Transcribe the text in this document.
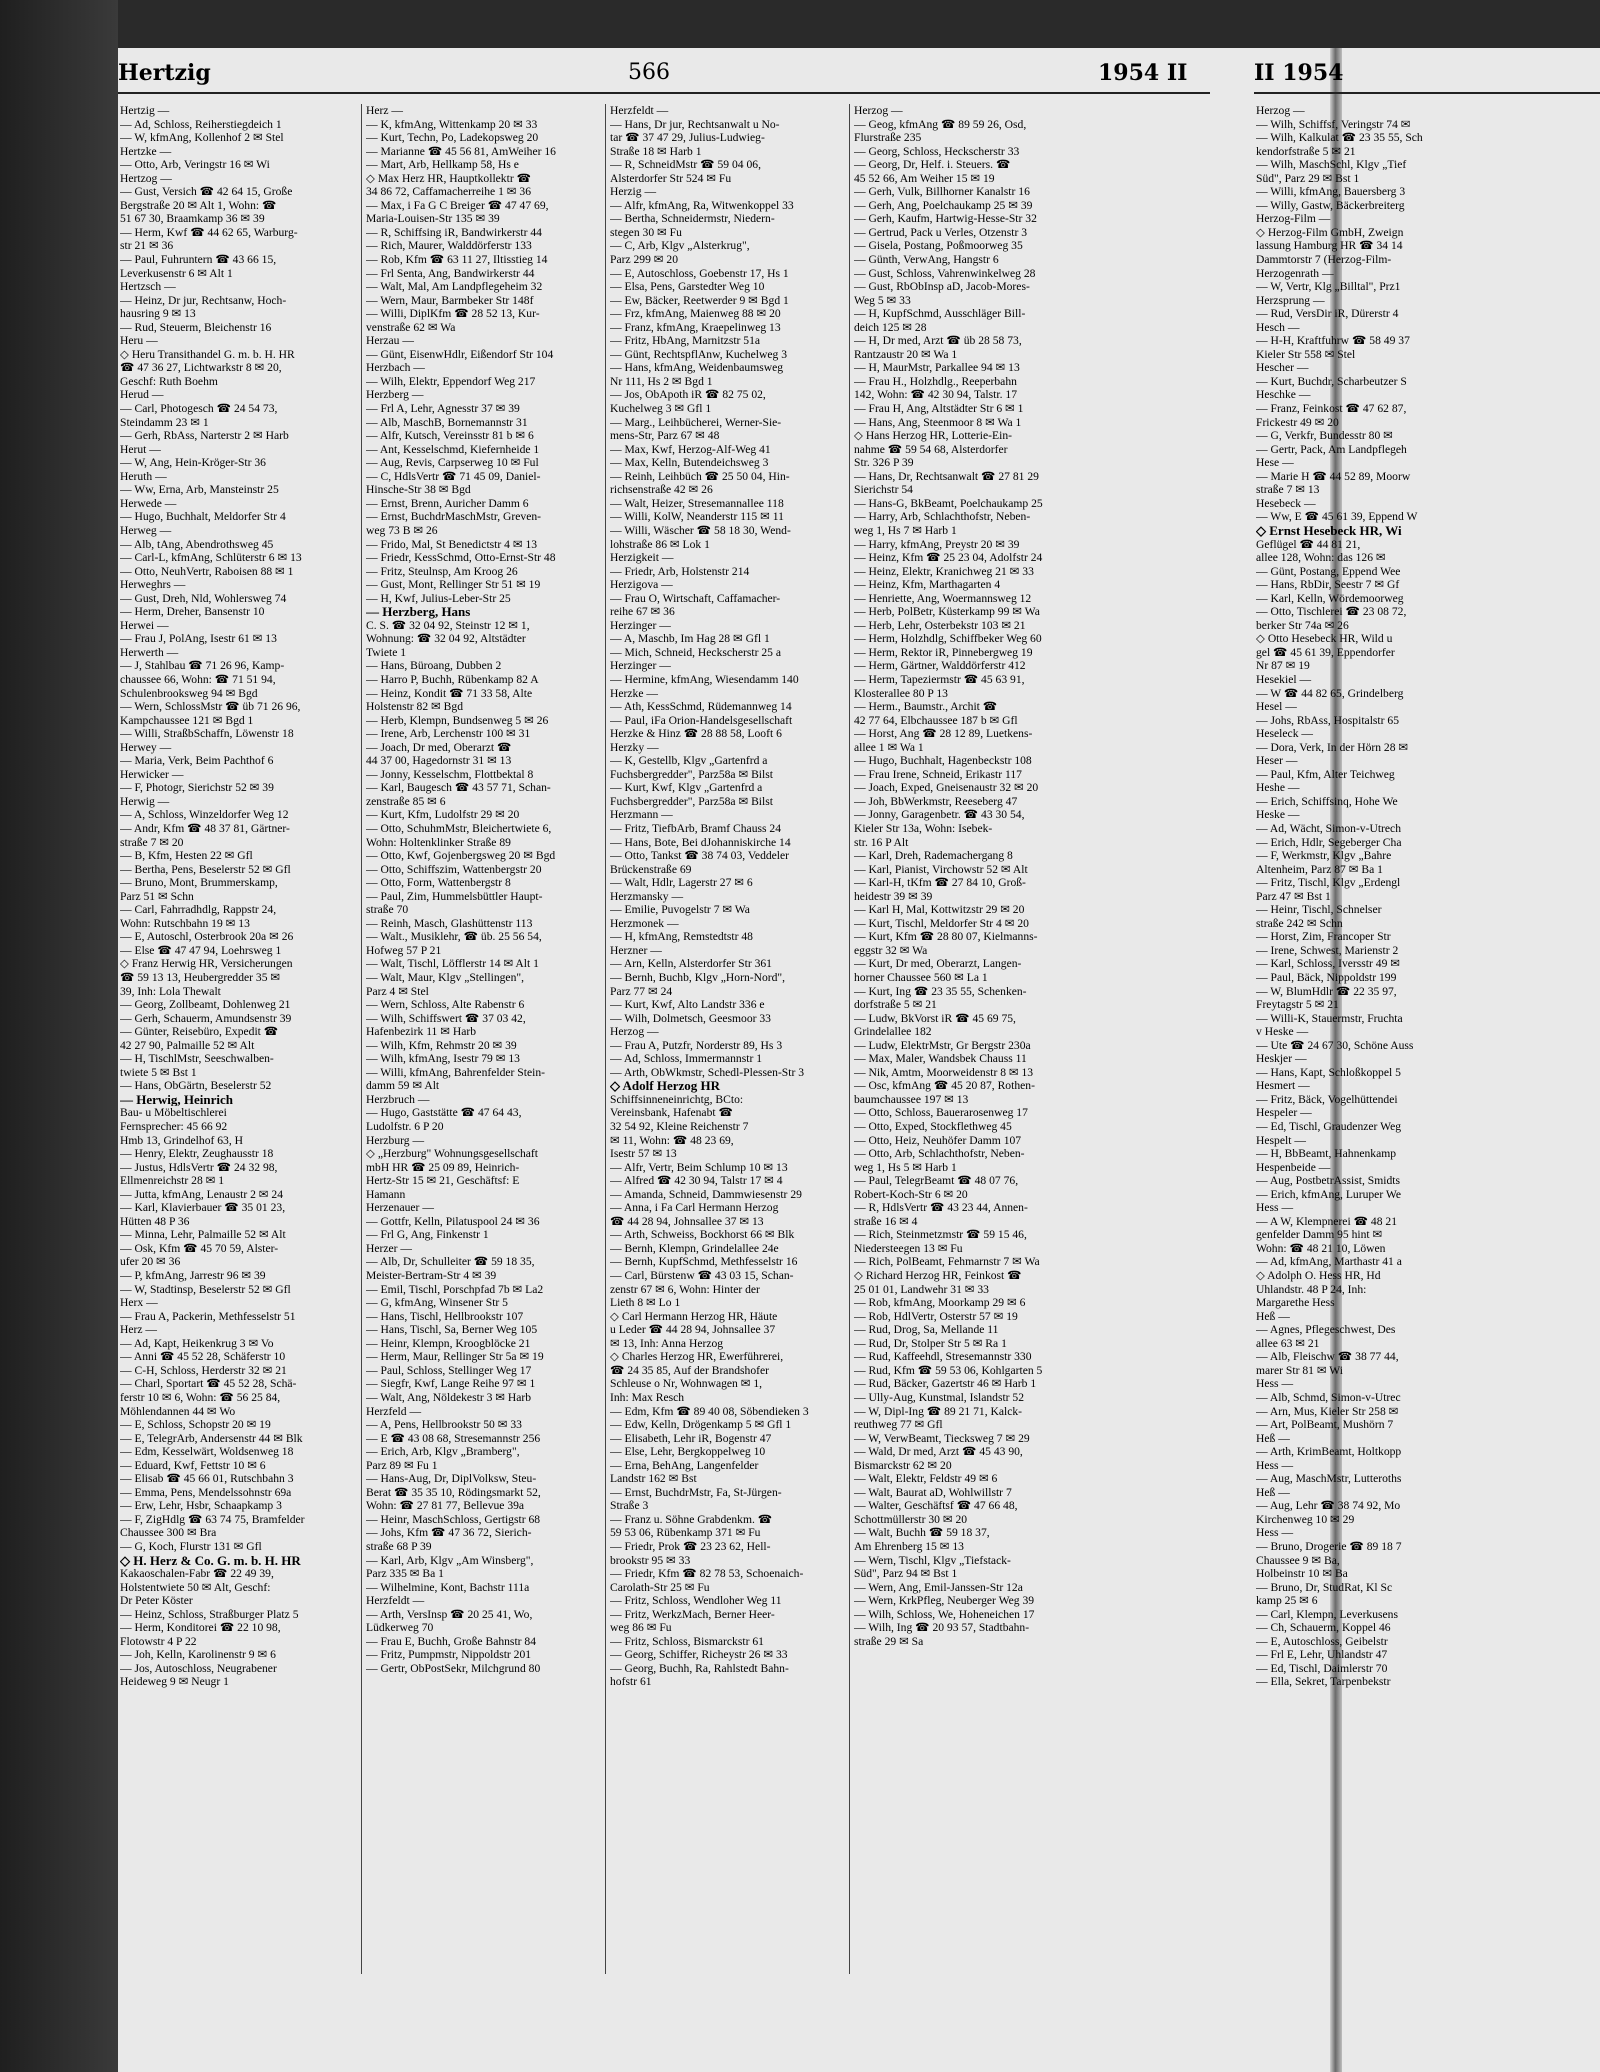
Hertzig	566	1954 II	II 1954
Hertzig —
— Ad, Schloss, Reiherstiegdeich 1
— W, kfmAng, Kollenhof 2 ✉ Stel
Hertzke —
— Otto, Arb, Veringstr 16 ✉ Wi
Hertzog —
— Gust, Versich ☎ 42 64 15, Große
Bergstraße 20 ✉ Alt 1, Wohn: ☎
51 67 30, Braamkamp 36 ✉ 39
— Herm, Kwf ☎ 44 62 65, Warburg-
str 21 ✉ 36
— Paul, Fuhruntern ☎ 43 66 15,
Leverkusenstr 6 ✉ Alt 1
Hertzsch —
— Heinz, Dr jur, Rechtsanw, Hoch-
hausring 9 ✉ 13
— Rud, Steuerm, Bleichenstr 16
Heru —
◇ Heru Transithandel G. m. b. H. HR
☎ 47 36 27, Lichtwarkstr 8 ✉ 20,
Geschf: Ruth Boehm
Herud —
— Carl, Photogesch ☎ 24 54 73,
Steindamm 23 ✉ 1
— Gerh, RbAss, Narterstr 2 ✉ Harb
Herut —
— W, Ang, Hein-Kröger-Str 36
Heruth —
— Ww, Erna, Arb, Mansteinstr 25
Herwede —
— Hugo, Buchhalt, Meldorfer Str 4
Herweg —
— Alb, tAng, Abendrothsweg 45
— Carl-L, kfmAng, Schlüterstr 6 ✉ 13
— Otto, NeuhVertr, Raboisen 88 ✉ 1
Herweghrs —
— Gust, Dreh, Nld, Wohlersweg 74
— Herm, Dreher, Bansenstr 10
Herwei —
— Frau J, PolAng, Isestr 61 ✉ 13
Herwerth —
— J, Stahlbau ☎ 71 26 96, Kamp-
chaussee 66, Wohn: ☎ 71 51 94,
Schulenbrooksweg 94 ✉ Bgd
— Wern, SchlossMstr ☎ üb 71 26 96,
Kampchaussee 121 ✉ Bgd 1
— Willi, StraßbSchaffn, Löwenstr 18
Herwey —
— Maria, Verk, Beim Pachthof 6
Herwicker —
— F, Photogr, Sierichstr 52 ✉ 39
Herwig —
— A, Schloss, Winzeldorfer Weg 12
— Andr, Kfm ☎ 48 37 81, Gärtner-
straße 7 ✉ 20
— B, Kfm, Hesten 22 ✉ Gfl
— Bertha, Pens, Beselerstr 52 ✉ Gfl
— Bruno, Mont, Brummerskamp,
Parz 51 ✉ Schn
— Carl, Fahrradhdlg, Rappstr 24,
Wohn: Rutschbahn 19 ✉ 13
— E, Autoschl, Osterbrook 20a ✉ 26
— Else ☎ 47 47 94, Loehrsweg 1
◇ Franz Herwig HR, Versicherungen
☎ 59 13 13, Heubergredder 35 ✉
39, Inh: Lola Thewalt
— Georg, Zollbeamt, Dohlenweg 21
— Gerh, Schauerm, Amundsenstr 39
— Günter, Reisebüro, Expedit ☎
42 27 90, Palmaille 52 ✉ Alt
— H, TischlMstr, Seeschwalben-
twiete 5 ✉ Bst 1
— Hans, ObGärtn, Beselerstr 52
— Herwig, Heinrich
Bau- u Möbeltischlerei
Fernsprecher: 45 66 92
Hmb 13, Grindelhof 63, H
— Henry, Elektr, Zeughausstr 18
— Justus, HdlsVertr ☎ 24 32 98,
Ellmenreichstr 28 ✉ 1
— Jutta, kfmAng, Lenaustr 2 ✉ 24
— Karl, Klavierbauer ☎ 35 01 23,
Hütten 48 P 36
— Minna, Lehr, Palmaille 52 ✉ Alt
— Osk, Kfm ☎ 45 70 59, Alster-
ufer 20 ✉ 36
— P, kfmAng, Jarrestr 96 ✉ 39
— W, Stadtinsp, Beselerstr 52 ✉ Gfl
Herx —
— Frau A, Packerin, Methfesselstr 51
Herz —
— Ad, Kapt, Heikenkrug 3 ✉ Vo
— Anni ☎ 45 52 28, Schäferstr 10
— C-H, Schloss, Herderstr 32 ✉ 21
— Charl, Sportart ☎ 45 52 28, Schä-
ferstr 10 ✉ 6, Wohn: ☎ 56 25 84,
Möhlendannen 44 ✉ Wo
— E, Schloss, Schopstr 20 ✉ 19
— E, TelegrArb, Andersenstr 44 ✉ Blk
— Edm, Kesselwärt, Woldsenweg 18
— Eduard, Kwf, Fettstr 10 ✉ 6
— Elisab ☎ 45 66 01, Rutschbahn 3
— Emma, Pens, Mendelssohnstr 69a
— Erw, Lehr, Hsbr, Schaapkamp 3
— F, ZigHdlg ☎ 63 74 75, Bramfelder
Chaussee 300 ✉ Bra
— G, Koch, Flurstr 131 ✉ Gfl
◇ H. Herz & Co. G. m. b. H. HR
Kakaoschalen-Fabr ☎ 22 49 39,
Holstentwiete 50 ✉ Alt, Geschf:
Dr Peter Köster
— Heinz, Schloss, Straßburger Platz 5
— Herm, Konditorei ☎ 22 10 98,
Flotowstr 4 P 22
— Joh, Kelln, Karolinenstr 9 ✉ 6
— Jos, Autoschloss, Neugrabener
Heideweg 9 ✉ Neugr 1
Herz —
— K, kfmAng, Wittenkamp 20 ✉ 33
— Kurt, Techn, Po, Ladekopsweg 20
— Marianne ☎ 45 56 81, AmWeiher 16
— Mart, Arb, Hellkamp 58, Hs e
◇ Max Herz HR, Hauptkollektr ☎
34 86 72, Caffamacherreihe 1 ✉ 36
— Max, i Fa G C Breiger ☎ 47 47 69,
Maria-Louisen-Str 135 ✉ 39
— R, Schiffsing iR, Bandwirkerstr 44
— Rich, Maurer, Walddörferstr 133
— Rob, Kfm ☎ 63 11 27, Iltisstieg 14
— Frl Senta, Ang, Bandwirkerstr 44
— Walt, Mal, Am Landpflegeheim 32
— Wern, Maur, Barmbeker Str 148f
— Willi, DiplKfm ☎ 28 52 13, Kur-
venstraße 62 ✉ Wa
Herzau —
— Günt, EisenwHdlr, Eißendorf Str 104
Herzbach —
— Wilh, Elektr, Eppendorf Weg 217
Herzberg —
— Frl A, Lehr, Agnesstr 37 ✉ 39
— Alb, MaschB, Bornemannstr 31
— Alfr, Kutsch, Vereinsstr 81 b ✉ 6
— Ant, Kesselschmd, Kiefernheide 1
— Aug, Revis, Carpserweg 10 ✉ Ful
— C, HdlsVertr ☎ 71 45 09, Daniel-
Hinsche-Str 38 ✉ Bgd
— Ernst, Brenn, Auricher Damm 6
— Ernst, BuchdrMaschMstr, Greven-
weg 73 B ✉ 26
— Frido, Mal, St Benedictstr 4 ✉ 13
— Friedr, KessSchmd, Otto-Ernst-Str 48
— Fritz, Steulnsp, Am Kroog 26
— Gust, Mont, Rellinger Str 51 ✉ 19
— H, Kwf, Julius-Leber-Str 25
— Herzberg, Hans
C. S. ☎ 32 04 92, Steinstr 12 ✉ 1,
Wohnung: ☎ 32 04 92, Altstädter
Twiete 1
— Hans, Büroang, Dubben 2
— Harro P, Buchh, Rübenkamp 82 A
— Heinz, Kondit ☎ 71 33 58, Alte
Holstenstr 82 ✉ Bgd
— Herb, Klempn, Bundsenweg 5 ✉ 26
— Irene, Arb, Lerchenstr 100 ✉ 31
— Joach, Dr med, Oberarzt ☎
44 37 00, Hagedornstr 31 ✉ 13
— Jonny, Kesselschm, Flottbektal 8
— Karl, Baugesch ☎ 43 57 71, Schan-
zenstraße 85 ✉ 6
— Kurt, Kfm, Ludolfstr 29 ✉ 20
— Otto, SchuhmMstr, Bleichertwiete 6,
Wohn: Holtenklinker Straße 89
— Otto, Kwf, Gojenbergsweg 20 ✉ Bgd
— Otto, Schiffszim, Wattenbergstr 20
— Otto, Form, Wattenbergstr 8
— Paul, Zim, Hummelsbüttler Haupt-
straße 70
— Reinh, Masch, Glashüttenstr 113
— Walt., Musiklehr, ☎ üb. 25 56 54,
Hofweg 57 P 21
— Walt, Tischl, Löfflerstr 14 ✉ Alt 1
— Walt, Maur, Klgv „Stellingen",
Parz 4 ✉ Stel
— Wern, Schloss, Alte Rabenstr 6
— Wilh, Schiffswert ☎ 37 03 42,
Hafenbezirk 11 ✉ Harb
— Wilh, Kfm, Rehmstr 20 ✉ 39
— Wilh, kfmAng, Isestr 79 ✉ 13
— Willi, kfmAng, Bahrenfelder Stein-
damm 59 ✉ Alt
Herzbruch —
— Hugo, Gaststätte ☎ 47 64 43,
Ludolfstr. 6 P 20
Herzburg —
◇ „Herzburg" Wohnungsgesellschaft
mbH HR ☎ 25 09 89, Heinrich-
Hertz-Str 15 ✉ 21, Geschäftsf: E
Hamann
Herzenauer —
— Gottfr, Kelln, Pilatuspool 24 ✉ 36
— Frl G, Ang, Finkenstr 1
Herzer —
— Alb, Dr, Schulleiter ☎ 59 18 35,
Meister-Bertram-Str 4 ✉ 39
— Emil, Tischl, Porschpfad 7b ✉ La2
— G, kfmAng, Winsener Str 5
— Hans, Tischl, Hellbrookstr 107
— Hans, Tischl, Sa, Berner Weg 105
— Heinr, Klempn, Kroogblöcke 21
— Herm, Maur, Rellinger Str 5a ✉ 19
— Paul, Schloss, Stellinger Weg 17
— Siegfr, Kwf, Lange Reihe 97 ✉ 1
— Walt, Ang, Nöldekestr 3 ✉ Harb
Herzfeld —
— A, Pens, Hellbrookstr 50 ✉ 33
— E ☎ 43 08 68, Stresemannstr 256
— Erich, Arb, Klgv „Bramberg",
Parz 89 ✉ Fu 1
— Hans-Aug, Dr, DiplVolksw, Steu-
Berat ☎ 35 35 10, Rödingsmarkt 52,
Wohn: ☎ 27 81 77, Bellevue 39a
— Heinr, MaschSchloss, Gertigstr 68
— Johs, Kfm ☎ 47 36 72, Sierich-
straße 68 P 39
— Karl, Arb, Klgv „Am Winsberg",
Parz 335 ✉ Ba 1
— Wilhelmine, Kont, Bachstr 111a
Herzfeldt —
— Arth, VersInsp ☎ 20 25 41, Wo,
Lüdkerweg 70
— Frau E, Buchh, Große Bahnstr 84
— Fritz, Pumpmstr, Nippoldstr 201
— Gertr, ObPostSekr, Milchgrund 80
Herzfeldt —
— Hans, Dr jur, Rechtsanwalt u No-
tar ☎ 37 47 29, Julius-Ludwieg-
Straße 18 ✉ Harb 1
— R, SchneidMstr ☎ 59 04 06,
Alsterdorfer Str 524 ✉ Fu
Herzig —
— Alfr, kfmAng, Ra, Witwenkoppel 33
— Bertha, Schneidermstr, Niedern-
stegen 30 ✉ Fu
— C, Arb, Klgv „Alsterkrug",
Parz 299 ✉ 20
— E, Autoschloss, Goebenstr 17, Hs 1
— Elsa, Pens, Garstedter Weg 10
— Ew, Bäcker, Reetwerder 9 ✉ Bgd 1
— Frz, kfmAng, Maienweg 88 ✉ 20
— Franz, kfmAng, Kraepelinweg 13
— Fritz, HbAng, Marnitzstr 51a
— Günt, RechtspflAnw, Kuchelweg 3
— Hans, kfmAng, Weidenbaumsweg
Nr 111, Hs 2 ✉ Bgd 1
— Jos, ObApoth iR ☎ 82 75 02,
Kuchelweg 3 ✉ Gfl 1
— Marg., Leihbüchereі, Werner-Sie-
mens-Str, Parz 67 ✉ 48
— Max, Kwf, Herzog-Alf-Weg 41
— Max, Kelln, Butendeichsweg 3
— Reinh, Leihbüch ☎ 25 50 04, Hin-
richsenstraße 42 ✉ 26
— Walt, Heizer, Stresemannallee 118
— Willi, KolW, Neanderstr 115 ✉ 11
— Willi, Wäscher ☎ 58 18 30, Wend-
lohstraße 86 ✉ Lok 1
Herzigkeit —
— Friedr, Arb, Holstenstr 214
Herzigova —
— Frau O, Wirtschaft, Caffamacher-
reihe 67 ✉ 36
Herzinger —
— A, Maschb, Im Hag 28 ✉ Gfl 1
— Mich, Schneid, Heckscherstr 25 a
Herzinger —
— Hermine, kfmAng, Wiesendamm 140
Herzke —
— Ath, KessSchmd, Rüdemannweg 14
— Paul, iFa Orion-Handelsgesellschaft
Herzke & Hinz ☎ 28 88 58, Looft 6
Herzky —
— K, Gestellb, Klgv „Gartenfrd a
Fuchsbergredder", Parz58a ✉ Bilst
— Kurt, Kwf, Klgv „Gartenfrd a
Fuchsbergredder", Parz58a ✉ Bilst
Herzmann —
— Fritz, TiefbArb, Bramf Chauss 24
— Hans, Bote, Bei dJohanniskirche 14
— Otto, Tankst ☎ 38 74 03, Veddeler
Brückenstraße 69
— Walt, Hdlr, Lagerstr 27 ✉ 6
Herzmansky —
— Emilie, Puvogelstr 7 ✉ Wa
Herzmonek —
— H, kfmAng, Remstedtstr 48
Herzner —
— Arn, Kelln, Alsterdorfer Str 361
— Bernh, Buchb, Klgv „Horn-Nord",
Parz 77 ✉ 24
— Kurt, Kwf, Alto Landstr 336 e
— Wilh, Dolmetsch, Geesmoor 33
Herzog —
— Frau A, Putzfr, Norderstr 89, Hs 3
— Ad, Schloss, Immermannstr 1
— Arth, ObWkmstr, Schedl-Plessen-Str 3
◇ Adolf Herzog HR
Schiffsinneneinrichtg, BCto:
Vereinsbank, Hafenabt ☎
32 54 92, Kleine Reichenstr 7
✉ 11, Wohn: ☎ 48 23 69,
Isestr 57 ✉ 13
— Alfr, Vertr, Beim Schlump 10 ✉ 13
— Alfred ☎ 42 30 94, Talstr 17 ✉ 4
— Amanda, Schneid, Dammwiesenstr 29
— Anna, i Fa Carl Hermann Herzog
☎ 44 28 94, Johnsallee 37 ✉ 13
— Arth, Schweiss, Bockhorst 66 ✉ Blk
— Bernh, Klempn, Grindelallee 24e
— Bernh, KupfSchmd, Methfesselstr 16
— Carl, Bürstenw ☎ 43 03 15, Schan-
zenstr 67 ✉ 6, Wohn: Hinter der
Lieth 8 ✉ Lo 1
◇ Carl Hermann Herzog HR, Häute
u Leder ☎ 44 28 94, Johnsallee 37
✉ 13, Inh: Anna Herzog
◇ Charles Herzog HR, Ewerführerei,
☎ 24 35 85, Auf der Brandshofer
Schleuse o Nr, Wohnwagen ✉ 1,
Inh: Max Resch
— Edm, Kfm ☎ 89 40 08, Söbendieken 3
— Edw, Kelln, Drögenkamp 5 ✉ Gfl 1
— Elisabeth, Lehr iR, Bogenstr 47
— Else, Lehr, Bergkoppelweg 10
— Erna, BehAng, Langenfelder
Landstr 162 ✉ Bst
— Ernst, BuchdrMstr, Fa, St-Jürgen-
Straße 3
— Franz u. Söhne Grabdenkm. ☎
59 53 06, Rübenkamp 371 ✉ Fu
— Friedr, Prok ☎ 23 23 62, Hell-
brookstr 95 ✉ 33
— Friedr, Kfm ☎ 82 78 53, Schoenaich-
Carolath-Str 25 ✉ Fu
— Fritz, Schloss, Wendloher Weg 11
— Fritz, WerkzMach, Berner Heer-
weg 86 ✉ Fu
— Fritz, Schloss, Bismarckstr 61
— Georg, Schiffer, Richeystr 26 ✉ 33
— Georg, Buchh, Ra, Rahlstedt Bahn-
hofstr 61
Herzog —
— Geog, kfmAng ☎ 89 59 26, Osd,
Flurstraße 235
— Georg, Schloss, Heckscherstr 33
— Georg, Dr, Helf. i. Steuers. ☎
45 52 66, Am Weiher 15 ✉ 19
— Gerh, Vulk, Billhorner Kanalstr 16
— Gerh, Ang, Poelchaukamp 25 ✉ 39
— Gerh, Kaufm, Hartwig-Hesse-Str 32
— Gertrud, Pack u Verles, Otzenstr 3
— Gisela, Postang, Poßmoorweg 35
— Günth, VerwAng, Hangstr 6
— Gust, Schloss, Vahrenwinkelweg 28
— Gust, RbObInsp aD, Jacob-Mores-
Weg 5 ✉ 33
— H, KupfSchmd, Ausschläger Bill-
deich 125 ✉ 28
— H, Dr med, Arzt ☎ üb 28 58 73,
Rantzaustr 20 ✉ Wa 1
— H, MaurMstr, Parkallee 94 ✉ 13
— Frau H., Holzhdlg., Reeperbahn
142, Wohn: ☎ 42 30 94, Talstr. 17
— Frau H, Ang, Altstädter Str 6 ✉ 1
— Hans, Ang, Steenmoor 8 ✉ Wa 1
◇ Hans Herzog HR, Lotterie-Ein-
nahme ☎ 59 54 68, Alsterdorfer
Str. 326 P 39
— Hans, Dr, Rechtsanwalt ☎ 27 81 29
Sierichstr 54
— Hans-G, BkBeamt, Poelchaukamp 25
— Harry, Arb, Schlachthofstr, Neben-
weg 1, Hs 7 ✉ Harb 1
— Harry, kfmAng, Preystr 20 ✉ 39
— Heinz, Kfm ☎ 25 23 04, Adolfstr 24
— Heinz, Elektr, Kranichweg 21 ✉ 33
— Heinz, Kfm, Marthagarten 4
— Henriette, Ang, Woermannsweg 12
— Herb, PolBetr, Küsterkamp 99 ✉ Wa
— Herb, Lehr, Osterbekstr 103 ✉ 21
— Herm, Holzhdlg, Schiffbeker Weg 60
— Herm, Rektor iR, Pinnebergweg 19
— Herm, Gärtner, Walddörferstr 412
— Herm, Tapeziermstr ☎ 45 63 91,
Klosterallee 80 P 13
— Herm., Baumstr., Archit ☎
42 77 64, Elbchaussee 187 b ✉ Gfl
— Horst, Ang ☎ 28 12 89, Luetkens-
allee 1 ✉ Wa 1
— Hugo, Buchhalt, Hagenbeckstr 108
— Frau Irene, Schneid, Erikastr 117
— Joach, Exped, Gneisenaustr 32 ✉ 20
— Joh, BbWerkmstr, Reeseberg 47
— Jonny, Garagenbetr. ☎ 43 30 54,
Kieler Str 13a, Wohn: Isebek-
str. 16 P Alt
— Karl, Dreh, Rademachergang 8
— Karl, Pianist, Virchowstr 52 ✉ Alt
— Karl-H, tKfm ☎ 27 84 10, Groß-
heidestr 39 ✉ 39
— Karl H, Mal, Kottwitzstr 29 ✉ 20
— Kurt, Tischl, Meldorfer Str 4 ✉ 20
— Kurt, Kfm ☎ 28 80 07, Kielmanns-
eggstr 32 ✉ Wa
— Kurt, Dr med, Oberarzt, Langen-
horner Chaussee 560 ✉ La 1
— Kurt, Ing ☎ 23 35 55, Schenken-
dorfstraße 5 ✉ 21
— Ludw, BkVorst iR ☎ 45 69 75,
Grindelallee 182
— Ludw, ElektrMstr, Gr Bergstr 230a
— Max, Maler, Wandsbek Chauss 11
— Nik, Amtm, Moorweidenstr 8 ✉ 13
— Osc, kfmAng ☎ 45 20 87, Rothen-
baumchaussee 197 ✉ 13
— Otto, Schloss, Bauerarosenweg 17
— Otto, Exped, Stockflethweg 45
— Otto, Heiz, Neuhöfer Damm 107
— Otto, Arb, Schlachthofstr, Neben-
weg 1, Hs 5 ✉ Harb 1
— Paul, TelegrBeamt ☎ 48 07 76,
Robert-Koch-Str 6 ✉ 20
— R, HdlsVertr ☎ 43 23 44, Annen-
straße 16 ✉ 4
— Rich, Steinmetzmstr ☎ 59 15 46,
Niedersteegen 13 ✉ Fu
— Rich, PolBeamt, Fehmarnstr 7 ✉ Wa
◇ Richard Herzog HR, Feinkost ☎
25 01 01, Landwehr 31 ✉ 33
— Rob, kfmAng, Moorkamp 29 ✉ 6
— Rob, HdlVertr, Osterstr 57 ✉ 19
— Rud, Drog, Sa, Mellande 11
— Rud, Dr, Stolper Str 5 ✉ Ra 1
— Rud, Kaffeehdl, Stresemannstr 330
— Rud, Kfm ☎ 59 53 06, Kohlgarten 5
— Rud, Bäcker, Gazertstr 46 ✉ Harb 1
— Ully-Aug, Kunstmal, Islandstr 52
— W, Dipl-Ing ☎ 89 21 71, Kalck-
reuthweg 77 ✉ Gfl
— W, VerwBeamt, Tiecksweg 7 ✉ 29
— Wald, Dr med, Arzt ☎ 45 43 90,
Bismarckstr 62 ✉ 20
— Walt, Elektr, Feldstr 49 ✉ 6
— Walt, Baurat aD, Wohlwillstr 7
— Walter, Geschäftsf ☎ 47 66 48,
Schottmüllerstr 30 ✉ 20
— Walt, Buchh ☎ 59 18 37,
Am Ehrenberg 15 ✉ 13
— Wern, Tischl, Klgv „Tiefstack-
Süd", Parz 94 ✉ Bst 1
— Wern, Ang, Emil-Janssen-Str 12a
— Wern, KrkPfleg, Neuberger Weg 39
— Wilh, Schloss, We, Hoheneichen 17
— Wilh, Ing ☎ 20 93 57, Stadtbahn-
straße 29 ✉ Sa
Herzog —
— Wilh, Schiffsf, Veringstr 74 ✉
— Wilh, Kalkulat ☎ 23 35 55, Sch
kendorfstraße 5 ✉ 21
— Wilh, MaschSchl, Klgv „Tief
Süd", Parz 29 ✉ Bst 1
— Willi, kfmAng, Bauersberg 3
— Willy, Gastw, Bäckerbreiterg
Herzog-Film —
◇ Herzog-Film GmbH, Zweign
lassung Hamburg HR ☎ 34 14
Dammtorstr 7 (Herzog-Film-
Herzogenrath —
— W, Vertr, Klg „Billtal", Prz1
Herzsprung —
— Rud, VersDir iR, Dürerstr 4
Hesch —
— H-H, Kraftfuhrw ☎ 58 49 37
Kieler Str 558 ✉ Stel
Hescher —
— Kurt, Buchdr, Scharbeutzer S
Heschke —
— Franz, Feinkost ☎ 47 62 87,
Frickestr 49 ✉ 20
— G, Verkfr, Bundesstr 80 ✉
— Gertr, Pack, Am Landpflegeh
Hese —
— Marie H ☎ 44 52 89, Moorw
straße 7 ✉ 13
Hesebeck —
— Ww, E ☎ 45 61 39, Eppend W
◇ Ernst Hesebeck HR, Wi
Geflügel ☎ 44 81 21,
allee 128, Wohn: das 126 ✉
— Günt, Postang, Eppend Wee
— Hans, RbDir, Seestr 7 ✉ Gf
— Karl, Kelln, Wördemoorweg
— Otto, Tischlerei ☎ 23 08 72,
berker Str 74a ✉ 26
◇ Otto Hesebeck HR, Wild u
gel ☎ 45 61 39, Eppendorfer
Nr 87 ✉ 19
Hesekiel —
— W ☎ 44 82 65, Grindelberg
Hesel —
— Johs, RbAss, Hospitalstr 65
Heseleck —
— Dora, Verk, In der Hörn 28 ✉
Heser —
— Paul, Kfm, Alter Teichweg
Heshe —
— Erich, Schiffsinq, Hohe We
Heske —
— Ad, Wächt, Simon-v-Utrech
— Erich, Hdlr, Segeberger Cha
— F, Werkmstr, Klgv „Bahre
Altenheim, Parz 87 ✉ Ba 1
— Fritz, Tischl, Klgv „Erdengl
Parz 47 ✉ Bst 1
— Heinr, Tischl, Schnelser
straße 242 ✉ Schn
— Horst, Zim, Francoper Str
— Irene, Schwest, Marienstr 2
— Karl, Schloss, Iversstr 49 ✉
— Paul, Bäck, Nippoldstr 199
— W, BlumHdlr ☎ 22 35 97,
Freytagstr 5 ✉ 21
— Willi-K, Stauermstr, Fruchta
v Heske —
— Ute ☎ 24 67 30, Schöne Auss
Heskjer —
— Hans, Kapt, Schloßkoppel 5
Hesmert —
— Fritz, Bäck, Vogelhüttendei
Hespeler —
— Ed, Tischl, Graudenzer Weg
Hespelt —
— H, BbBeamt, Hahnenkamp
Hespenbeide —
— Aug, PostbetrAssist, Smidts
— Erich, kfmAng, Luruper We
Hess —
— A W, Klempnerei ☎ 48 21
genfelder Damm 95 hint ✉
Wohn: ☎ 48 21 10, Löwen
— Ad, kfmAng, Marthastr 41 a
◇ Adolph O. Hess HR, Hd
Uhlandstr. 48 P 24, Inh:
Margarethe Hess
Heß —
— Agnes, Pflegeschwest, Des
allee 63 ✉ 21
— Alb, Fleischw ☎ 38 77 44,
marer Str 81 ✉ Wi
Hess —
— Alb, Schmd, Simon-v-Utrec
— Arn, Mus, Kieler Str 258 ✉
— Art, PolBeamt, Mushörn 7
Heß —
— Arth, KrimBeamt, Holtkopp
Hess —
— Aug, MaschMstr, Lutteroths
Heß —
— Aug, Lehr ☎ 38 74 92, Mo
Kirchenweg 10 ✉ 29
Hess —
— Bruno, Drogerie ☎ 89 18 7
Chaussee 9 ✉ Ba,
Holbeinstr 10 ✉ Ba
— Bruno, Dr, StudRat, Kl Sc
kamp 25 ✉ 6
— Carl, Klempn, Leverkusens
— Ch, Schauerm, Koppel 46
— E, Autoschloss, Geibelstr
— Frl E, Lehr, Uhlandstr 47
— Ed, Tischl, Daimlerstr 70
— Ella, Sekret, Tarpenbekstr
